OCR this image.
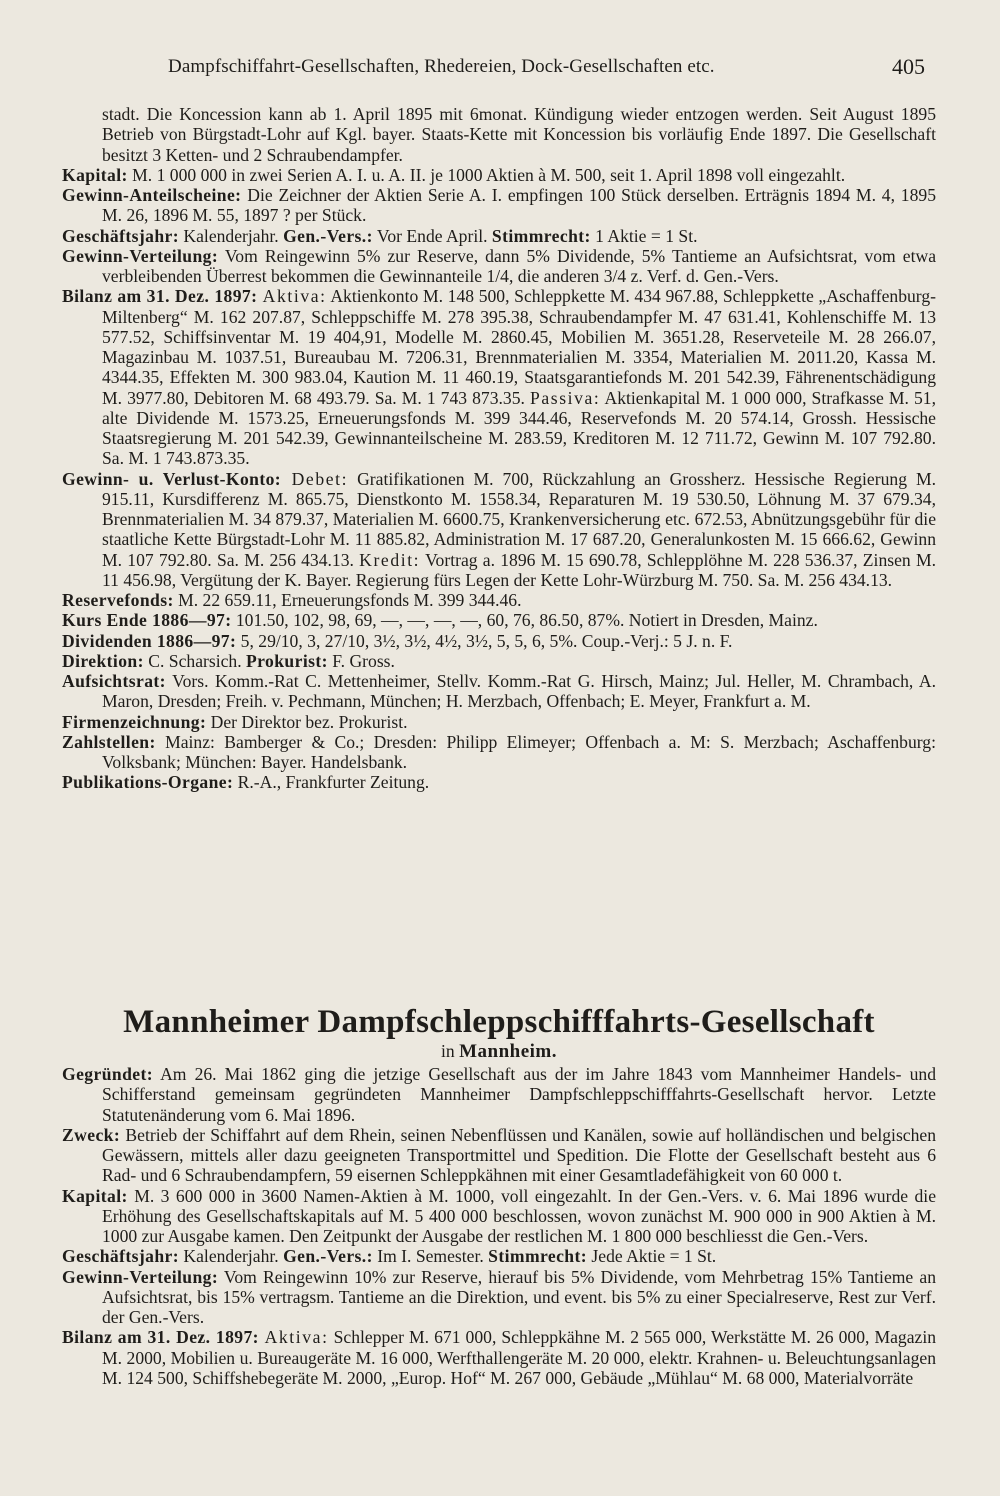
Dampfschiffahrt-Gesellschaften, Rhedereien, Dock-Gesellschaften etc.	405

stadt. Die Koncession kann ab 1. April 1895 mit 6monat. Kündigung wieder entzogen werden. Seit August 1895 Betrieb von Bürgstadt-Lohr auf Kgl. bayer. Staats-Kette mit Koncession bis vorläufig Ende 1897. Die Gesellschaft besitzt 3 Ketten- und 2 Schraubendampfer.

Kapital: M. 1 000 000 in zwei Serien A. I. u. A. II. je 1000 Aktien à M. 500, seit 1. April 1898 voll eingezahlt.

Gewinn-Anteilscheine: Die Zeichner der Aktien Serie A. I. empfingen 100 Stück derselben. Erträgnis 1894 M. 4, 1895 M. 26, 1896 M. 55, 1897 ? per Stück.

Geschäftsjahr: Kalenderjahr. Gen.-Vers.: Vor Ende April. Stimmrecht: 1 Aktie = 1 St.

Gewinn-Verteilung: Vom Reingewinn 5% zur Reserve, dann 5% Dividende, 5% Tantieme an Aufsichtsrat, vom etwa verbleibenden Überrest bekommen die Gewinnanteile 1/4, die anderen 3/4 z. Verf. d. Gen.-Vers.

Bilanz am 31. Dez. 1897: Aktiva: Aktienkonto M. 148 500, Schleppkette M. 434 967.88, Schleppkette „Aschaffenburg-Miltenberg“ M. 162 207.87, Schleppschiffe M. 278 395.38, Schraubendampfer M. 47 631.41, Kohlenschiffe M. 13 577.52, Schiffsinventar M. 19 404,91, Modelle M. 2860.45, Mobilien M. 3651.28, Reserveteile M. 28 266.07, Magazinbau M. 1037.51, Bureaubau M. 7206.31, Brennmaterialien M. 3354, Materialien M. 2011.20, Kassa M. 4344.35, Effekten M. 300 983.04, Kaution M. 11 460.19, Staatsgarantiefonds M. 201 542.39, Fährenentschädigung M. 3977.80, Debitoren M. 68 493.79. Sa. M. 1 743 873.35. Passiva: Aktienkapital M. 1 000 000, Strafkasse M. 51, alte Dividende M. 1573.25, Erneuerungsfonds M. 399 344.46, Reservefonds M. 20 574.14, Grossh. Hessische Staatsregierung M. 201 542.39, Gewinnanteilscheine M. 283.59, Kreditoren M. 12 711.72, Gewinn M. 107 792.80. Sa. M. 1 743.873.35.

Gewinn- u. Verlust-Konto: Debet: Gratifikationen M. 700, Rückzahlung an Grossherz. Hessische Regierung M. 915.11, Kursdifferenz M. 865.75, Dienstkonto M. 1558.34, Reparaturen M. 19 530.50, Löhnung M. 37 679.34, Brennmaterialien M. 34 879.37, Materialien M. 6600.75, Krankenversicherung etc. 672.53, Abnützungsgebühr für die staatliche Kette Bürgstadt-Lohr M. 11 885.82, Administration M. 17 687.20, Generalunkosten M. 15 666.62, Gewinn M. 107 792.80. Sa. M. 256 434.13. Kredit: Vortrag a. 1896 M. 15 690.78, Schlepplöhne M. 228 536.37, Zinsen M. 11 456.98, Vergütung der K. Bayer. Regierung fürs Legen der Kette Lohr-Würzburg M. 750. Sa. M. 256 434.13.

Reservefonds: M. 22 659.11, Erneuerungsfonds M. 399 344.46.

Kurs Ende 1886—97: 101.50, 102, 98, 69, —, —, —, —, 60, 76, 86.50, 87%. Notiert in Dresden, Mainz.

Dividenden 1886—97: 5, 29/10, 3, 27/10, 3½, 3½, 4½, 3½, 5, 5, 6, 5%. Coup.-Verj.: 5 J. n. F.

Direktion: C. Scharsich. Prokurist: F. Gross.

Aufsichtsrat: Vors. Komm.-Rat C. Mettenheimer, Stellv. Komm.-Rat G. Hirsch, Mainz; Jul. Heller, M. Chrambach, A. Maron, Dresden; Freih. v. Pechmann, München; H. Merzbach, Offenbach; E. Meyer, Frankfurt a. M.

Firmenzeichnung: Der Direktor bez. Prokurist.

Zahlstellen: Mainz: Bamberger & Co.; Dresden: Philipp Elimeyer; Offenbach a. M: S. Merzbach; Aschaffenburg: Volksbank; München: Bayer. Handelsbank.

Publikations-Organe: R.-A., Frankfurter Zeitung.

Mannheimer Dampfschleppschifffahrts-Gesellschaft
in Mannheim.

Gegründet: Am 26. Mai 1862 ging die jetzige Gesellschaft aus der im Jahre 1843 vom Mannheimer Handels- und Schifferstand gemeinsam gegründeten Mannheimer Dampfschleppschifffahrts-Gesellschaft hervor. Letzte Statutenänderung vom 6. Mai 1896.

Zweck: Betrieb der Schiffahrt auf dem Rhein, seinen Nebenflüssen und Kanälen, sowie auf holländischen und belgischen Gewässern, mittels aller dazu geeigneten Transportmittel und Spedition. Die Flotte der Gesellschaft besteht aus 6 Rad- und 6 Schraubendampfern, 59 eisernen Schleppkähnen mit einer Gesamtladefähigkeit von 60 000 t.

Kapital: M. 3 600 000 in 3600 Namen-Aktien à M. 1000, voll eingezahlt. In der Gen.-Vers. v. 6. Mai 1896 wurde die Erhöhung des Gesellschaftskapitals auf M. 5 400 000 beschlossen, wovon zunächst M. 900 000 in 900 Aktien à M. 1000 zur Ausgabe kamen. Den Zeitpunkt der Ausgabe der restlichen M. 1 800 000 beschliesst die Gen.-Vers.

Geschäftsjahr: Kalenderjahr. Gen.-Vers.: Im I. Semester. Stimmrecht: Jede Aktie = 1 St.

Gewinn-Verteilung: Vom Reingewinn 10% zur Reserve, hierauf bis 5% Dividende, vom Mehrbetrag 15% Tantieme an Aufsichtsrat, bis 15% vertragsm. Tantieme an die Direktion, und event. bis 5% zu einer Specialreserve, Rest zur Verf. der Gen.-Vers.

Bilanz am 31. Dez. 1897: Aktiva: Schlepper M. 671 000, Schleppkähne M. 2 565 000, Werkstätte M. 26 000, Magazin M. 2000, Mobilien u. Bureaugeräte M. 16 000, Werfthallengeräte M. 20 000, elektr. Krahnen- u. Beleuchtungsanlagen M. 124 500, Schiffshebegeräte M. 2000, „Europ. Hof“ M. 267 000, Gebäude „Mühlau“ M. 68 000, Materialvorräte
